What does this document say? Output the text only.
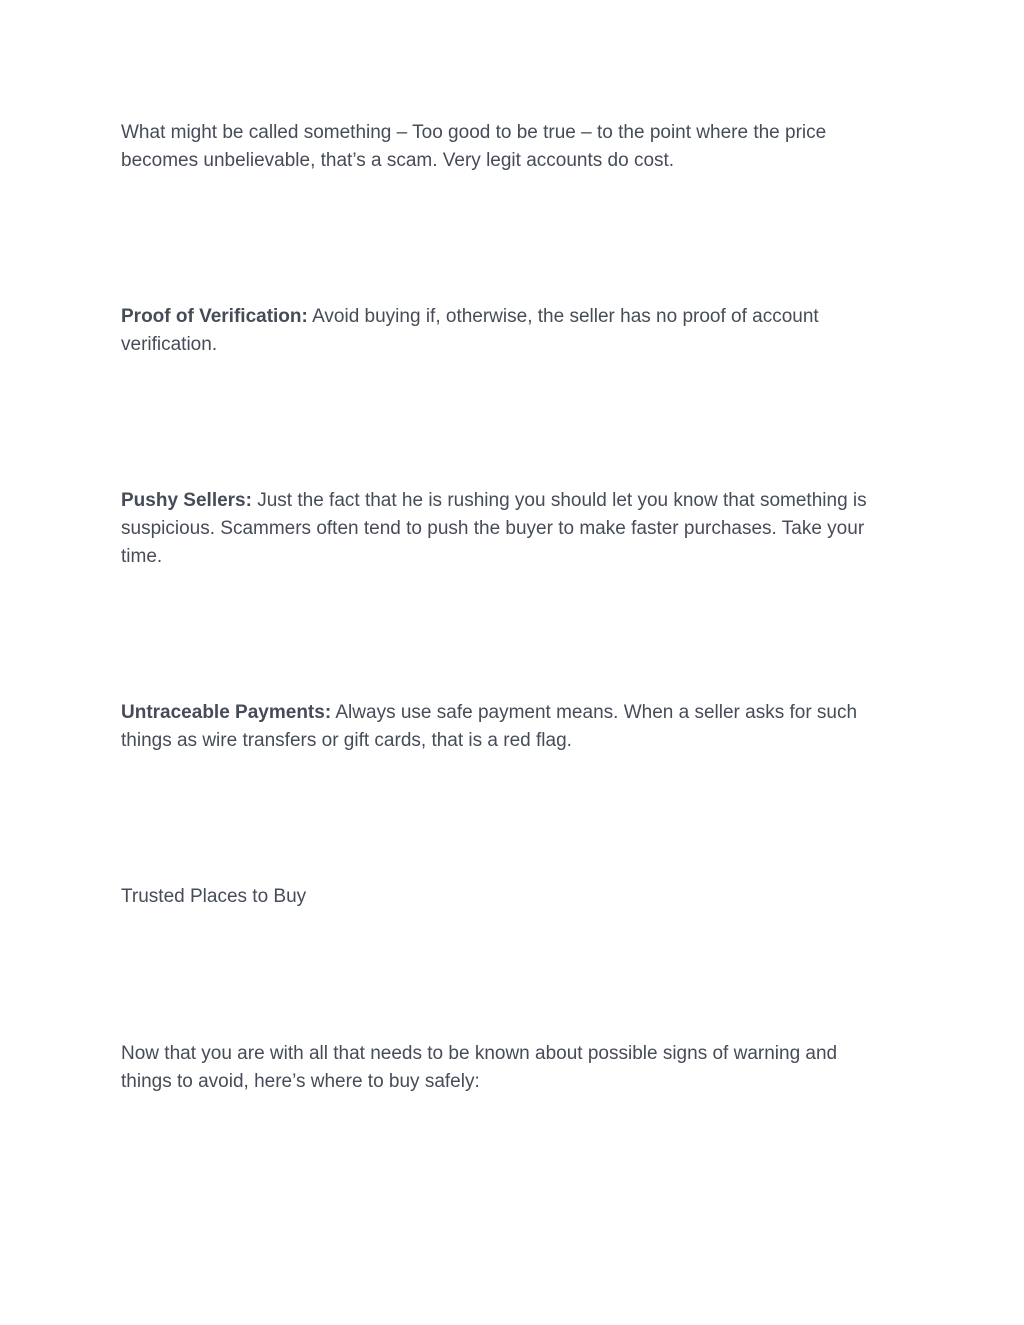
What might be called something – Too good to be true – to the point where the price becomes unbelievable, that’s a scam. Very legit accounts do cost.

Proof of Verification: Avoid buying if, otherwise, the seller has no proof of account verification.

Pushy Sellers: Just the fact that he is rushing you should let you know that something is suspicious. Scammers often tend to push the buyer to make faster purchases. Take your time.

Untraceable Payments: Always use safe payment means. When a seller asks for such things as wire transfers or gift cards, that is a red flag.

Trusted Places to Buy

Now that you are with all that needs to be known about possible signs of warning and things to avoid, here’s where to buy safely:
